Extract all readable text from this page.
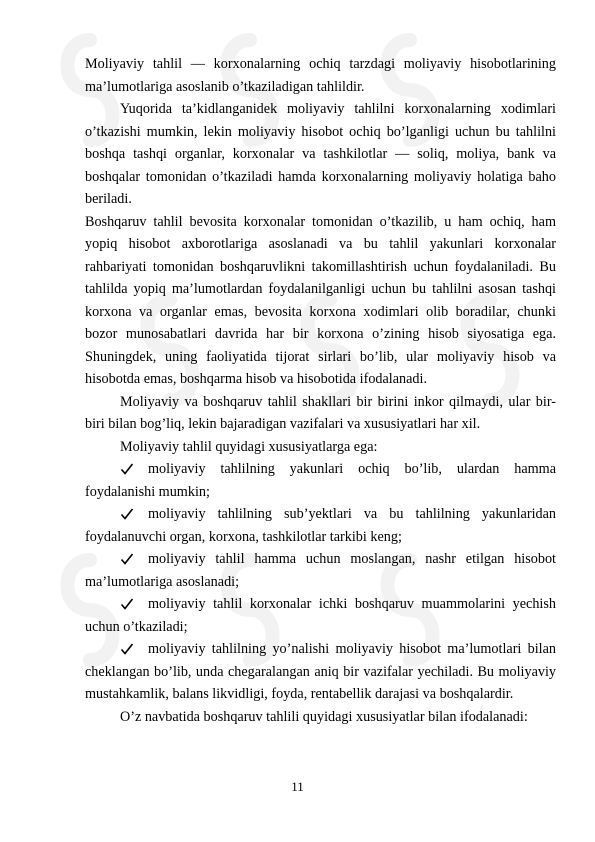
Moliyaviy tahlil — korxonalarning ochiq tarzdagi moliyaviy hisobotlarining ma’lumotlariga asoslanib o’tkaziladigan tahlildir.

Yuqorida ta’kidlanganidek moliyaviy tahlilni korxonalarning xodimlari o’tkazishi mumkin, lekin moliyaviy hisobot ochiq bo’lganligi uchun bu tahlilni boshqa tashqi organlar, korxonalar va tashkilotlar — soliq, moliya, bank va boshqalar tomonidan o’tkaziladi hamda korxonalarning moliyaviy holatiga baho beriladi.

Boshqaruv tahlil bevosita korxonalar tomonidan o’tkazilib, u ham ochiq, ham yopiq hisobot axborotlariga asoslanadi va bu tahlil yakunlari korxonalar rahbariyati tomonidan boshqaruvlikni takomillashtirish uchun foydalaniladi. Bu tahlilda yopiq ma’lumotlardan foydalanilganligi uchun bu tahlilni asosan tashqi korxona va organlar emas, bevosita korxona xodimlari olib boradilar, chunki bozor munosabatlari davrida har bir korxona o’zining hisob siyosatiga ega. Shuningdek, uning faoliyatida tijorat sirlari bo’lib, ular moliyaviy hisob va hisobotda emas, boshqarma hisob va hisobotida ifodalanadi.

Moliyaviy va boshqaruv tahlil shakllari bir birini inkor qilmaydi, ular bir-biri bilan bog’liq, lekin bajaradigan vazifalari va xususiyatlari har xil.

Moliyaviy tahlil quyidagi xususiyatlarga ega:

moliyaviy tahlilning yakunlari ochiq bo’lib, ulardan hamma foydalanishi mumkin;
moliyaviy tahlilning sub’yektlari va bu tahlilning yakunlaridan foydalanuvchi organ, korxona, tashkilotlar tarkibi keng;
moliyaviy tahlil hamma uchun moslangan, nashr etilgan hisobot ma’lumotlariga asoslanadi;
moliyaviy tahlil korxonalar ichki boshqaruv muammolarini yechish uchun o’tkaziladi;
moliyaviy tahlilning yo’nalishi moliyaviy hisobot ma’lumotlari bilan cheklangan bo’lib, unda chegaralangan aniq bir vazifalar yechiladi. Bu moliyaviy mustahkamlik, balans likvidligi, foyda, rentabellik darajasi va boshqalardir.

O’z navbatida boshqaruv tahlili quyidagi xususiyatlar bilan ifodalanadi:

11
